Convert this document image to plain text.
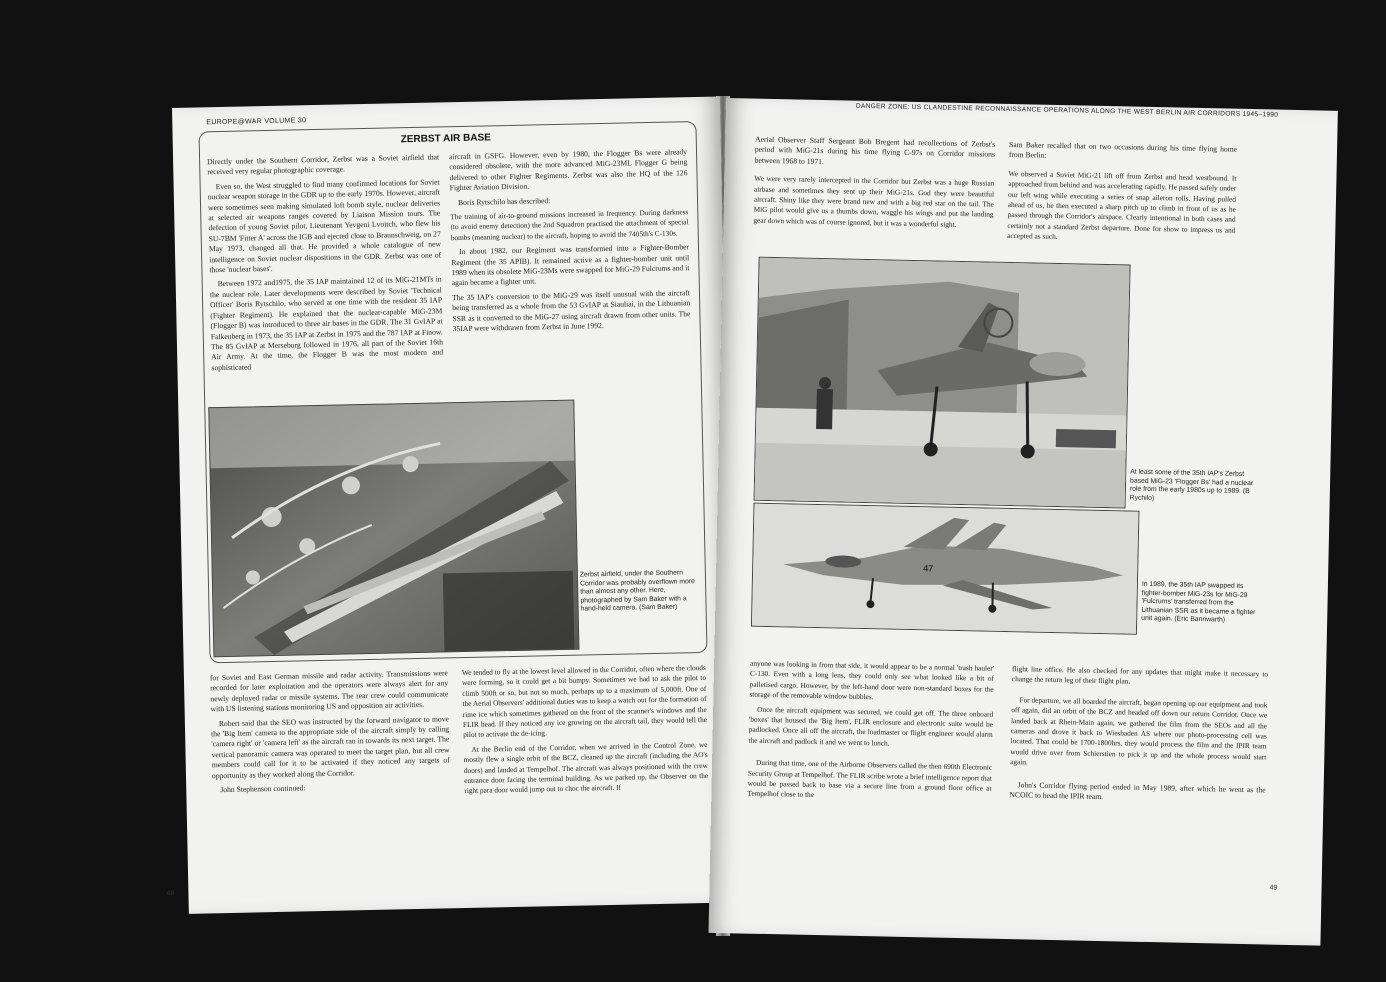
EUROPE@WAR VOLUME 30
ZERBST AIR BASE

Directly under the Southern Corridor, Zerbst was a Soviet airfield that received very regular photographic coverage.

Even so, the West struggled to find many confirmed locations for Soviet nuclear weapon storage in the GDR up to the early 1970s. However, aircraft were sometimes seen making simulated loft bomb style, nuclear deliveries at selected air weapons ranges covered by Liaison Mission tours. The defection of young Soviet pilot, Lieutenant Yevgeni Lvoitch, who flew his SU-7BM 'Fitter A' across the IGB and ejected close to Braunschweig, on 27 May 1973, changed all that. He provided a whole catalogue of new intelligence on Soviet nuclear dispositions in the GDR. Zerbst was one of those 'nuclear bases'.

Between 1972 and1975, the 35 IAP maintained 12 of its MiG-21MTs in the nuclear role. Later developments were described by Soviet 'Technical Officer' Boris Rytschilo, who served at one time with the resident 35 IAP (Fighter Regiment). He explained that the nuclear-capable MiG-23M (Flogger B) was introduced to three air bases in the GDR. The 31 GvIAP at Falkenberg in 1973, the 35 IAP at Zerbst in 1975 and the 787 IAP at Finow. The 85 GvIAP at Merseburg followed in 1976, all part of the Soviet 16th Air Army. At the time, the Flogger B was the most modern and sophisticated

aircraft in GSFG. However, even by 1980, the Flogger Bs were already considered obsolete, with the more advanced MiG-23ML Flogger G being delivered to other Fighter Regiments. Zerbst was also the HQ of the 126 Fighter Aviation Division.

Boris Rytschilo has described:

The training of air-to-ground missions increased in frequency. During darkness (to avoid enemy detection) the 2nd Squadron practised the attachment of special bombs (meaning nuclear) to the aircraft, hoping to avoid the 7405th's C-130s.

In about 1982, our Regiment was transformed into a Fighter-Bomber Regiment (the 35 APIB). It remained active as a fighter-bomber unit until 1989 when its obsolete MiG-23Ms were swapped for MiG-29 Fulcrums and it again became a fighter unit.

The 35 IAP's conversion to the MiG-29 was itself unusual with the aircraft being transferred as a whole from the 53 GvIAP at Siauliai, in the Lithuanian SSR as it converted to the MiG-27 using aircraft drawn from other units. The 35IAP were withdrawn from Zerbst in June 1992.

Zerbst airfield, under the Southern Corridor was probably overflown more than almost any other. Here, photographed by Sam Baker with a hand-held camera. (Sam Baker)

for Soviet and East German missile and radar activity. Transmissions were recorded for later exploitation and the operators were always alert for any newly deployed radar or missile systems. The rear crew could communicate with US listening stations monitoring US and opposition air activities.

Robert said that the SEO was instructed by the forward navigator to move the 'Big Item' camera to the appropriate side of the aircraft simply by calling 'camera right' or 'camera left' as the aircraft ran in towards its next target. The vertical panoramic camera was operated to meet the target plan, but all crew members could call for it to be activated if they noticed any targets of opportunity as they worked along the Corridor.

John Stephenson continued:

We tended to fly at the lowest level allowed in the Corridor, often where the clouds were forming, so it could get a bit bumpy. Sometimes we had to ask the pilot to climb 500ft or so, but not so much, perhaps up to a maximum of 5,000ft. One of the Aerial Observers' additional duties was to keep a watch out for the formation of rime ice which sometimes gathered on the front of the scanner's windows and the FLIR head. If they noticed any ice growing on the aircraft tail, they would tell the pilot to activate the de-icing.

At the Berlin end of the Corridor, when we arrived in the Control Zone, we mostly flew a single orbit of the BCZ, cleaned up the aircraft (including the AO's doors) and landed at Tempelhof. The aircraft was always positioned with the crew entrance door facing the terminal building. As we parked up, the Observer on the right para door would jump out to choc the aircraft. If

48
DANGER ZONE: US CLANDESTINE RECONNAISSANCE OPERATIONS ALONG THE WEST BERLIN AIR CORRIDORS 1945–1990

Aerial Observer Staff Sergeant Bob Bregent had recollections of Zerbst's period with MiG-21s during his time flying C-97s on Corridor missions between 1968 to 1971.

We were very rarely intercepted in the Corridor but Zerbst was a huge Russian airbase and sometimes they sent up their MiG-21s. God they were beautiful aircraft. Shiny like they were brand new and with a big red star on the tail. The MiG pilot would give us a thumbs down, waggle his wings and put the landing gear down which was of course ignored, but it was a wonderful sight.

Sam Baker recalled that on two occasions during his time flying home from Berlin:

We observed a Soviet MiG-21 lift off from Zerbst and head westbound. It approached from behind and was accelerating rapidly. He passed safely under our left wing while executing a series of snap aileron rolls. Having pulled ahead of us, he then executed a sharp pitch up to climb in front of us as he passed through the Corridor's airspace. Clearly intentional in both cases and certainly not a standard Zerbst departure. Done for show to impress us and accepted as such.

At least some of the 35th IAP's Zerbst based MiG-23 'Flogger Bs' had a nuclear role from the early 1980s up to 1989. (B Rychilo)
47
In 1989, the 35th IAP swapped its fighter-bomber MiG-23s for MiG-29 'Fulcrums' transferred from the Lithuanian SSR as it became a fighter unit again. (Eric Bannwarth)

anyone was looking in from that side, it would appear to be a normal 'trash hauler' C-130. Even with a long lens, they could only see what looked like a bit of palletised cargo. However, by the left-hand door were non-standard boxes for the storage of the removable window bubbles.

Once the aircraft equipment was secured, we could get off. The three onboard 'boxes' that housed the 'Big Item', FLIR enclosure and electronic suite would be padlocked. Once all off the aircraft, the loadmaster or flight engineer would alarm the aircraft and padlock it and we went to lunch.

During that time, one of the Airborne Observers called the then 690th Electronic Security Group at Tempelhof. The FLIR scribe wrote a brief intelligence report that would be passed back to base via a secure line from a ground floor office at Tempelhof close to the

flight line office. He also checked for any updates that might make it necessary to change the return leg of their flight plan.

For departure, we all boarded the aircraft, began opening up our equipment and took off again, did an orbit of the BCZ and headed off down our return Corridor. Once we landed back at Rhein-Main again, we gathered the film from the SEOs and all the cameras and drove it back to Wiesbaden AS where our photo-processing cell was located. That could be 1700-1800hrs, they would process the film and the IPIR team would drive over from Schierstien to pick it up and the whole process would start again.

John's Corridor flying period ended in May 1989, after which he went as the NCOIC to head the IPIR team.

49
